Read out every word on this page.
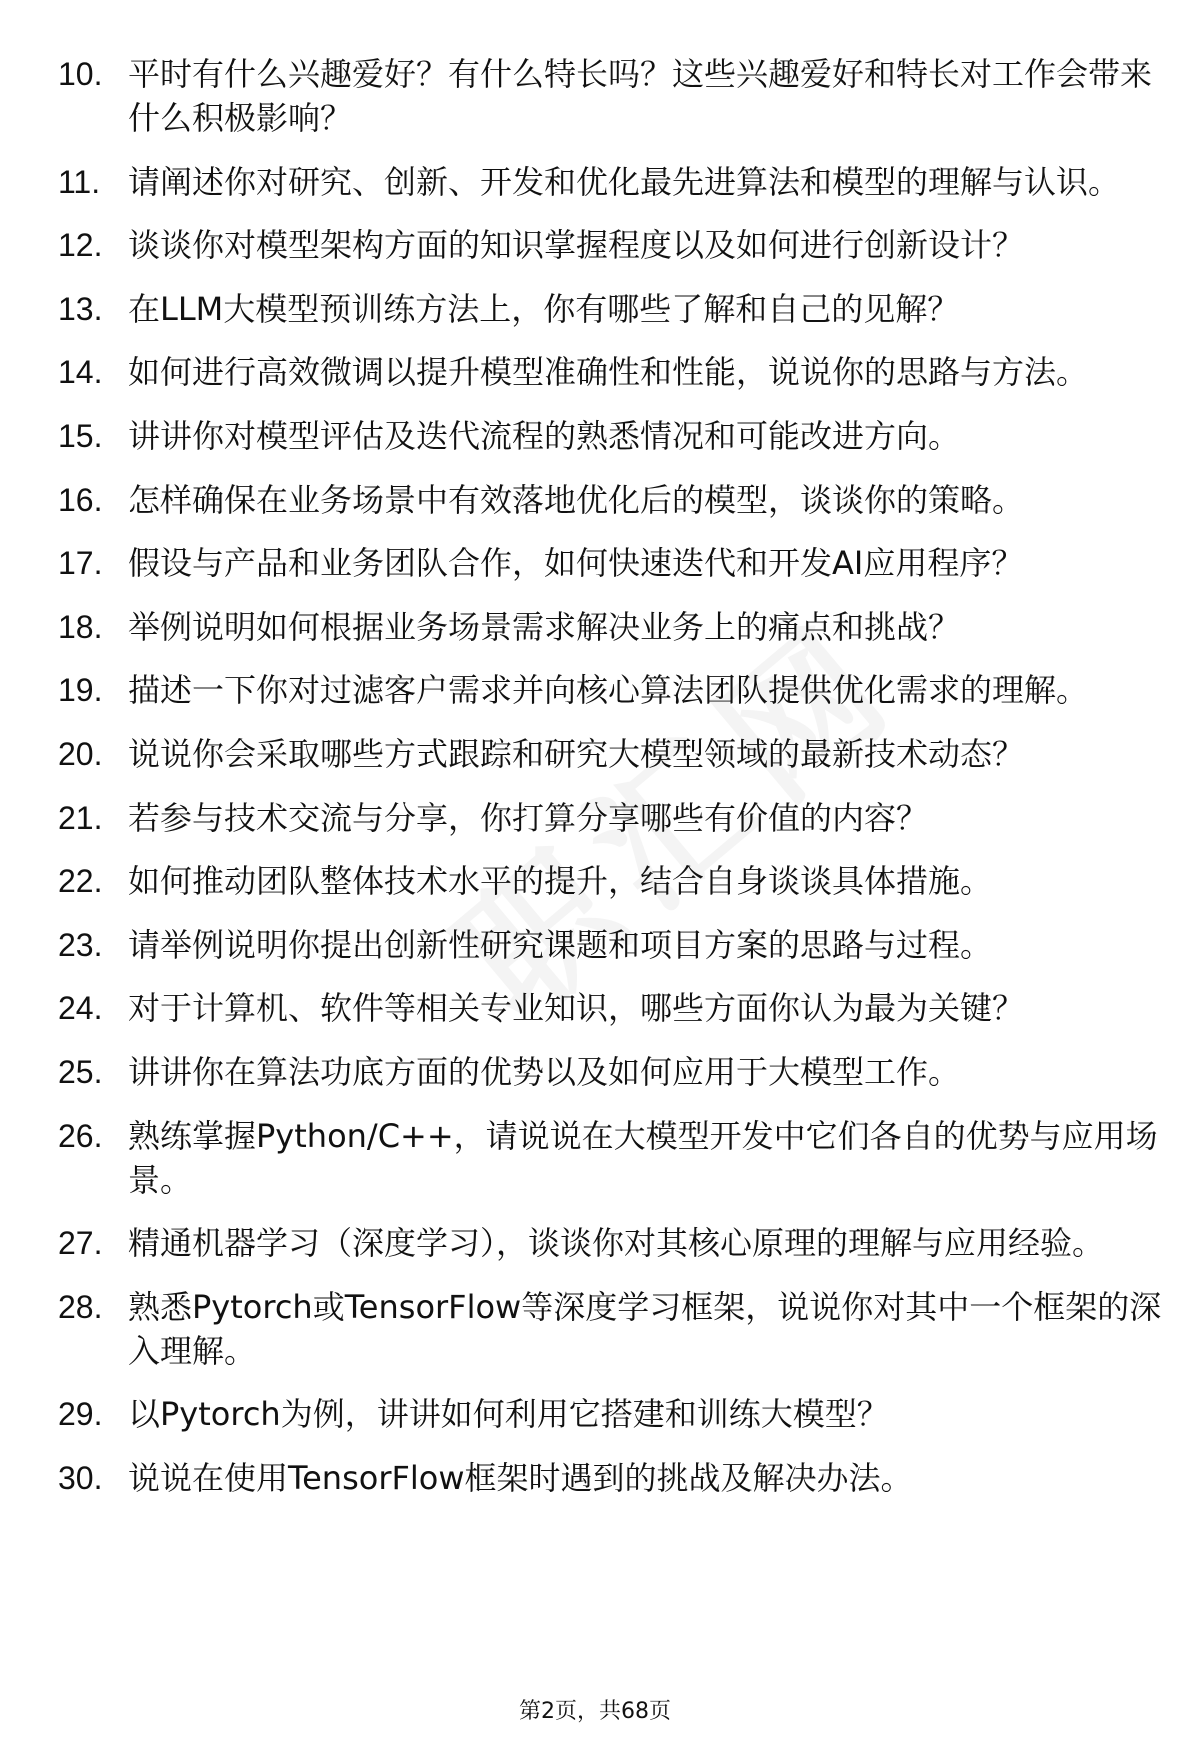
10. 平时有什么兴趣爱好？有什么特长吗？这些兴趣爱好和特长对工作会带来什么积极影响？
11. 请阐述你对研究、创新、开发和优化最先进算法和模型的理解与认识。
12. 谈谈你对模型架构方面的知识掌握程度以及如何进行创新设计？
13. 在LLM大模型预训练方法上，你有哪些了解和自己的见解？
14. 如何进行高效微调以提升模型准确性和性能，说说你的思路与方法。
15. 讲讲你对模型评估及迭代流程的熟悉情况和可能改进方向。
16. 怎样确保在业务场景中有效落地优化后的模型，谈谈你的策略。
17. 假设与产品和业务团队合作，如何快速迭代和开发AI应用程序？
18. 举例说明如何根据业务场景需求解决业务上的痛点和挑战？
19. 描述一下你对过滤客户需求并向核心算法团队提供优化需求的理解。
20. 说说你会采取哪些方式跟踪和研究大模型领域的最新技术动态？
21. 若参与技术交流与分享，你打算分享哪些有价值的内容？
22. 如何推动团队整体技术水平的提升，结合自身谈谈具体措施。
23. 请举例说明你提出创新性研究课题和项目方案的思路与过程。
24. 对于计算机、软件等相关专业知识，哪些方面你认为最为关键？
25. 讲讲你在算法功底方面的优势以及如何应用于大模型工作。
26. 熟练掌握Python/C++，请说说在大模型开发中它们各自的优势与应用场景。
27. 精通机器学习（深度学习），谈谈你对其核心原理的理解与应用经验。
28. 熟悉Pytorch或TensorFlow等深度学习框架，说说你对其中一个框架的深入理解。
29. 以Pytorch为例，讲讲如何利用它搭建和训练大模型？
30. 说说在使用TensorFlow框架时遇到的挑战及解决办法。
第2页，共68页
